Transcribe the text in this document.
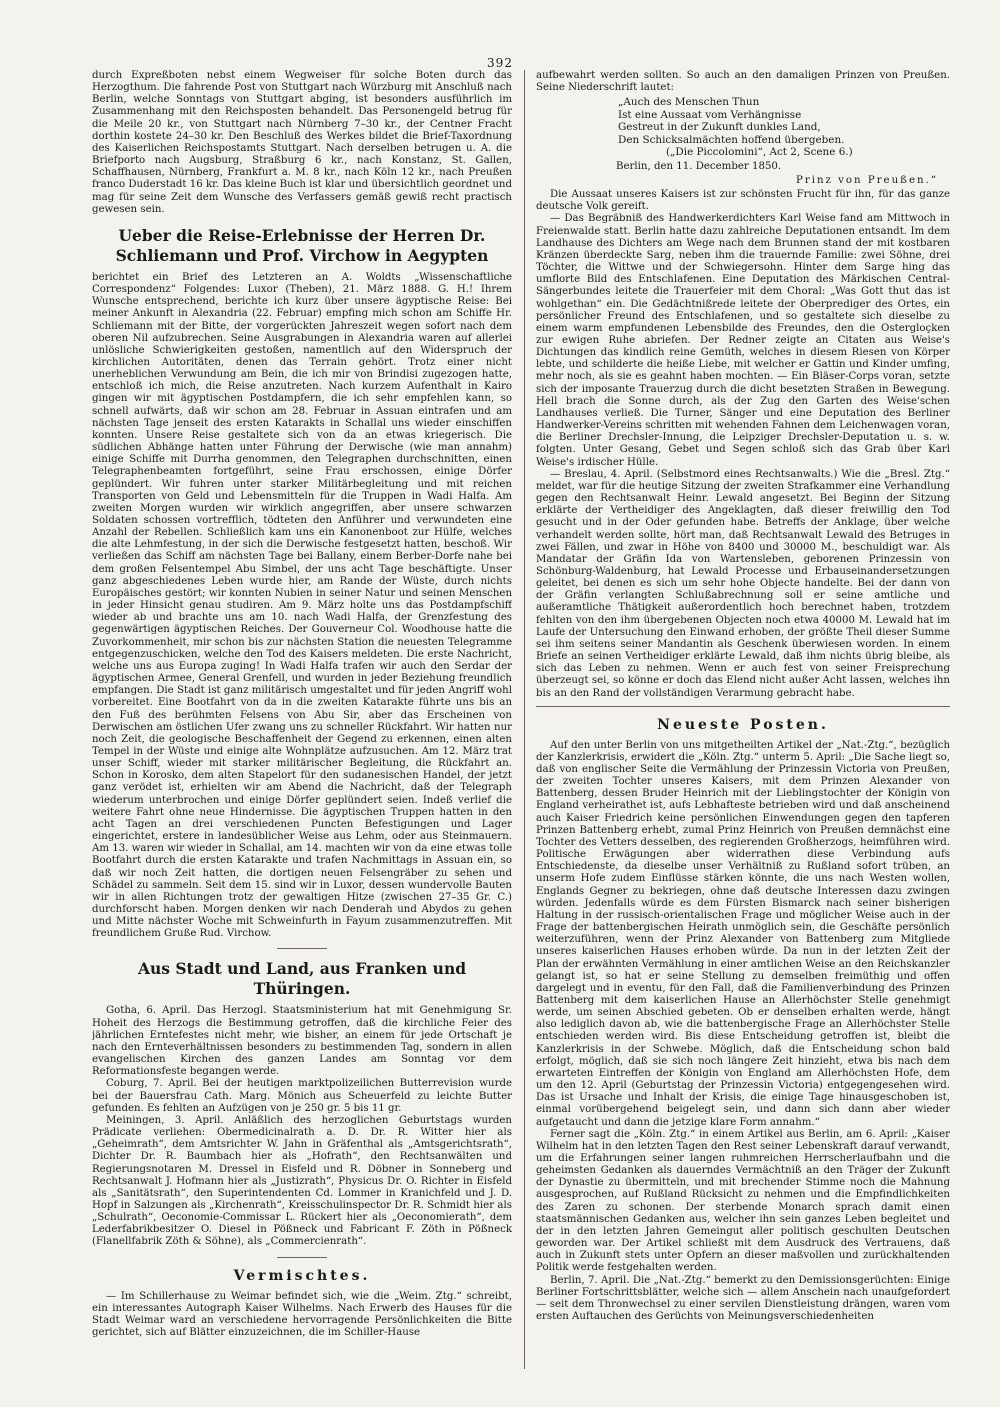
392

durch Expreßboten nebst einem Wegweiser für solche Boten durch das Herzogthum. Die fahrende Post von Stuttgart nach Würzburg mit Anschluß nach Berlin, welche Sonntags von Stuttgart abging, ist besonders ausführlich im Zusammenhang mit den Reichsposten behandelt. Das Personengeld betrug für die Meile 20 kr., von Stuttgart nach Nürnberg 7–30 kr., der Centner Fracht dorthin kostete 24–30 kr. Den Beschluß des Werkes bildet die Brief-Taxordnung des Kaiserlichen Reichspostamts Stuttgart. Nach derselben betrugen u. A. die Briefporto nach Augsburg, Straßburg 6 kr., nach Konstanz, St. Gallen, Schaffhausen, Nürnberg, Frankfurt a. M. 8 kr., nach Köln 12 kr., nach Preußen franco Duderstadt 16 kr. Das kleine Buch ist klar und übersichtlich geordnet und mag für seine Zeit dem Wunsche des Verfassers gemäß gewiß recht practisch gewesen sein.

Ueber die Reise-Erlebnisse der Herren Dr. Schliemann und Prof. Virchow in Aegypten

berichtet ein Brief des Letzteren an A. Woldts „Wissenschaftliche Correspondenz“ Folgendes: Luxor (Theben), 21. März 1888. G. H.! Ihrem Wunsche entsprechend, berichte ich kurz über unsere ägyptische Reise: Bei meiner Ankunft in Alexandria (22. Februar) empfing mich schon am Schiffe Hr. Schliemann mit der Bitte, der vorgerückten Jahreszeit wegen sofort nach dem oberen Nil aufzubrechen. Seine Ausgrabungen in Alexandria waren auf allerlei unlösliche Schwierigkeiten gestoßen, namentlich auf den Widerspruch der kirchlichen Autoritäten, denen das Terrain gehört. Trotz einer nicht unerheblichen Verwundung am Bein, die ich mir von Brindisi zugezogen hatte, entschloß ich mich, die Reise anzutreten. Nach kurzem Aufenthalt in Kairo gingen wir mit ägyptischen Postdampfern, die ich sehr empfehlen kann, so schnell aufwärts, daß wir schon am 28. Februar in Assuan eintrafen und am nächsten Tage jenseit des ersten Katarakts in Schallal uns wieder einschiffen konnten. Unsere Reise gestaltete sich von da an etwas kriegerisch. Die südlichen Abhänge hatten unter Führung der Derwische (wie man annahm) einige Schiffe mit Durrha genommen, den Telegraphen durchschnitten, einen Telegraphenbeamten fortgeführt, seine Frau erschossen, einige Dörfer geplündert. Wir fuhren unter starker Militärbegleitung und mit reichen Transporten von Geld und Lebensmitteln für die Truppen in Wadi Halfa. Am zweiten Morgen wurden wir wirklich angegriffen, aber unsere schwarzen Soldaten schossen vortrefflich, tödteten den Anführer und verwundeten eine Anzahl der Rebellen. Schließlich kam uns ein Kanonenboot zur Hülfe, welches die alte Lehmfestung, in der sich die Derwische festgesetzt hatten, beschoß. Wir verließen das Schiff am nächsten Tage bei Ballany, einem Berber-Dorfe nahe bei dem großen Felsentempel Abu Simbel, der uns acht Tage beschäftigte. Unser ganz abgeschiedenes Leben wurde hier, am Rande der Wüste, durch nichts Europäisches gestört; wir konnten Nubien in seiner Natur und seinen Menschen in jeder Hinsicht genau studiren. Am 9. März holte uns das Postdampfschiff wieder ab und brachte uns am 10. nach Wadi Halfa, der Grenzfestung des gegenwärtigen ägyptischen Reiches. Der Gouverneur Col. Woodhouse hatte die Zuvorkommenheit, mir schon bis zur nächsten Station die neuesten Telegramme entgegenzuschicken, welche den Tod des Kaisers meldeten. Die erste Nachricht, welche uns aus Europa zuging! In Wadi Halfa trafen wir auch den Serdar der ägyptischen Armee, General Grenfell, und wurden in jeder Beziehung freundlich empfangen. Die Stadt ist ganz militärisch umgestaltet und für jeden Angriff wohl vorbereitet. Eine Bootfahrt von da in die zweiten Katarakte führte uns bis an den Fuß des berühmten Felsens von Abu Sir, aber das Erscheinen von Derwischen am östlichen Ufer zwang uns zu schneller Rückfahrt. Wir hatten nur noch Zeit, die geologische Beschaffenheit der Gegend zu erkennen, einen alten Tempel in der Wüste und einige alte Wohnplätze aufzusuchen. Am 12. März trat unser Schiff, wieder mit starker militärischer Begleitung, die Rückfahrt an. Schon in Korosko, dem alten Stapelort für den sudanesischen Handel, der jetzt ganz verödet ist, erhielten wir am Abend die Nachricht, daß der Telegraph wiederum unterbrochen und einige Dörfer geplündert seien. Indeß verlief die weitere Fahrt ohne neue Hindernisse. Die ägyptischen Truppen hatten in den acht Tagen an drei verschiedenen Puncten Befestigungen und Lager eingerichtet, erstere in landesüblicher Weise aus Lehm, oder aus Steinmauern. Am 13. waren wir wieder in Schallal, am 14. machten wir von da eine etwas tolle Bootfahrt durch die ersten Katarakte und trafen Nachmittags in Assuan ein, so daß wir noch Zeit hatten, die dortigen neuen Felsengräber zu sehen und Schädel zu sammeln. Seit dem 15. sind wir in Luxor, dessen wundervolle Bauten wir in allen Richtungen trotz der gewaltigen Hitze (zwischen 27–35 Gr. C.) durchforscht haben. Morgen denken wir nach Denderah und Abydos zu gehen und Mitte nächster Woche mit Schweinfurth in Fayum zusammenzutreffen. Mit freundlichem Gruße Rud. Virchow.

Aus Stadt und Land, aus Franken und Thüringen.

Gotha, 6. April. Das Herzogl. Staatsministerium hat mit Genehmigung Sr. Hoheit des Herzogs die Bestimmung getroffen, daß die kirchliche Feier des jährlichen Erntefestes nicht mehr, wie bisher, an einem für jede Ortschaft je nach den Ernteverhältnissen besonders zu bestimmenden Tag, sondern in allen evangelischen Kirchen des ganzen Landes am Sonntag vor dem Reformationsfeste begangen werde.

Coburg, 7. April. Bei der heutigen marktpolizeilichen Butterrevision wurde bei der Bauersfrau Cath. Marg. Mönich aus Scheuerfeld zu leichte Butter gefunden. Es fehlten an Aufzügen von je 250 gr. 5 bis 11 gr.

Meiningen, 3. April. Anläßlich des herzoglichen Geburtstags wurden Prädicate verliehen: Obermedicinalrath a. D. Dr. R. Witter hier als „Geheimrath“, dem Amtsrichter W. Jahn in Gräfenthal als „Amtsgerichtsrath“, Dichter Dr. R. Baumbach hier als „Hofrath“, den Rechtsanwälten und Regierungsnotaren M. Dressel in Eisfeld und R. Döbner in Sonneberg und Rechtsanwalt J. Hofmann hier als „Justizrath“, Physicus Dr. O. Richter in Eisfeld als „Sanitätsrath“, den Superintendenten Cd. Lommer in Kranichfeld und J. D. Hopf in Salzungen als „Kirchenrath“, Kreisschulinspector Dr. R. Schmidt hier als „Schulrath“, Oeconomie-Commissar L. Rückert hier als „Oeconomierath“, dem Lederfabrikbesitzer O. Diesel in Pößneck und Fabricant F. Zöth in Pößneck (Flanellfabrik Zöth & Söhne), als „Commercienrath“.

Vermischtes.

— Im Schillerhause zu Weimar befindet sich, wie die „Weim. Ztg.“ schreibt, ein interessantes Autograph Kaiser Wilhelms. Nach Erwerb des Hauses für die Stadt Weimar ward an verschiedene hervorragende Persönlichkeiten die Bitte gerichtet, sich auf Blätter einzuzeichnen, die im Schiller-Hause

aufbewahrt werden sollten. So auch an den damaligen Prinzen von Preußen. Seine Niederschrift lautet:

„Auch des Menschen Thun
Ist eine Aussaat vom Verhängnisse
Gestreut in der Zukunft dunkles Land,
Den Schicksalmächten hoffend übergeben.
(„Die Piccolomini“, Act 2, Scene 6.)

Berlin, den 11. December 1850.

Prinz von Preußen.“

Die Aussaat unseres Kaisers ist zur schönsten Frucht für ihn, für das ganze deutsche Volk gereift.

— Das Begräbniß des Handwerkerdichters Karl Weise fand am Mittwoch in Freienwalde statt. Berlin hatte dazu zahlreiche Deputationen entsandt. Im dem Landhause des Dichters am Wege nach dem Brunnen stand der mit kostbaren Kränzen überdeckte Sarg, neben ihm die trauernde Familie: zwei Söhne, drei Töchter, die Wittwe und der Schwiegersohn. Hinter dem Sarge hing das umflorte Bild des Entschlafenen. Eine Deputation des Märkischen Central-Sängerbundes leitete die Trauerfeier mit dem Choral: „Was Gott thut das ist wohlgethan“ ein. Die Gedächtnißrede leitete der Oberprediger des Ortes, ein persönlicher Freund des Entschlafenen, und so gestaltete sich dieselbe zu einem warm empfundenen Lebensbilde des Freundes, den die Ostergloçken zur ewigen Ruhe abriefen. Der Redner zeigte an Citaten aus Weise's Dichtungen das kindlich reine Gemüth, welches in diesem Riesen von Körper lebte, und schilderte die heiße Liebe, mit welcher er Gattin und Kinder umfing, mehr noch, als sie es geahnt haben mochten. — Ein Bläser-Corps voran, setzte sich der imposante Trauerzug durch die dicht besetzten Straßen in Bewegung. Hell brach die Sonne durch, als der Zug den Garten des Weise'schen Landhauses verließ. Die Turner, Sänger und eine Deputation des Berliner Handwerker-Vereins schritten mit wehenden Fahnen dem Leichenwagen voran, die Berliner Drechsler-Innung, die Leipziger Drechsler-Deputation u. s. w. folgten. Unter Gesang, Gebet und Segen schloß sich das Grab über Karl Weise's irdischer Hülle.

— Breslau, 4. April. (Selbstmord eines Rechtsanwalts.) Wie die „Bresl. Ztg.“ meldet, war für die heutige Sitzung der zweiten Strafkammer eine Verhandlung gegen den Rechtsanwalt Heinr. Lewald angesetzt. Bei Beginn der Sitzung erklärte der Vertheidiger des Angeklagten, daß dieser freiwillig den Tod gesucht und in der Oder gefunden habe. Betreffs der Anklage, über welche verhandelt werden sollte, hört man, daß Rechtsanwalt Lewald des Betruges in zwei Fällen, und zwar in Höhe von 8400 und 30000 M., beschuldigt war. Als Mandatar der Gräfin Ida von Wartensleben, geborenen Prinzessin von Schönburg-Waldenburg, hat Lewald Processe und Erbauseinandersetzungen geleitet, bei denen es sich um sehr hohe Objecte handelte. Bei der dann von der Gräfin verlangten Schlußabrechnung soll er seine amtliche und außeramtliche Thätigkeit außerordentlich hoch berechnet haben, trotzdem fehlten von den ihm übergebenen Objecten noch etwa 40000 M. Lewald hat im Laufe der Untersuchung den Einwand erhoben, der größte Theil dieser Summe sei ihm seitens seiner Mandantin als Geschenk überwiesen worden. In einem Briefe an seinen Vertheidiger erklärte Lewald, daß ihm nichts übrig bleibe, als sich das Leben zu nehmen. Wenn er auch fest von seiner Freisprechung überzeugt sei, so könne er doch das Elend nicht außer Acht lassen, welches ihn bis an den Rand der vollständigen Verarmung gebracht habe.

Neueste Posten.

Auf den unter Berlin von uns mitgetheilten Artikel der „Nat.-Ztg.“, bezüglich der Kanzlerkrisis, erwidert die „Köln. Ztg.“ unterm 5. April: „Die Sache liegt so, daß von englischer Seite die Vermählung der Prinzessin Victoria von Preußen, der zweiten Tochter unseres Kaisers, mit dem Prinzen Alexander von Battenberg, dessen Bruder Heinrich mit der Lieblingstochter der Königin von England verheirathet ist, aufs Lebhafteste betrieben wird und daß anscheinend auch Kaiser Friedrich keine persönlichen Einwendungen gegen den tapferen Prinzen Battenberg erhebt, zumal Prinz Heinrich von Preußen demnächst eine Tochter des Vetters desselben, des regierenden Großherzogs, heimführen wird. Politische Erwägungen aber widerrathen diese Verbindung aufs Entschiedenste, da dieselbe unser Verhältniß zu Rußland sofort trüben, an unserm Hofe zudem Einflüsse stärken könnte, die uns nach Westen wollen, Englands Gegner zu bekriegen, ohne daß deutsche Interessen dazu zwingen würden. Jedenfalls würde es dem Fürsten Bismarck nach seiner bisherigen Haltung in der russisch-orientalischen Frage und möglicher Weise auch in der Frage der battenbergischen Heirath unmöglich sein, die Geschäfte persönlich weiterzuführen, wenn der Prinz Alexander von Battenberg zum Mitgliede unseres kaiserlichen Hauses erhoben würde. Da nun in der letzten Zeit der Plan der erwähnten Vermählung in einer amtlichen Weise an den Reichskanzler gelangt ist, so hat er seine Stellung zu demselben freimüthig und offen dargelegt und in eventu, für den Fall, daß die Familienverbindung des Prinzen Battenberg mit dem kaiserlichen Hause an Allerhöchster Stelle genehmigt werde, um seinen Abschied gebeten. Ob er denselben erhalten werde, hängt also lediglich davon ab, wie die battenbergische Frage an Allerhöchster Stelle entschieden werden wird. Bis diese Entscheidung getroffen ist, bleibt die Kanzlerkrisis in der Schwebe. Möglich, daß die Entscheidung schon bald erfolgt, möglich, daß sie sich noch längere Zeit hinzieht, etwa bis nach dem erwarteten Eintreffen der Königin von England am Allerhöchsten Hofe, dem um den 12. April (Geburtstag der Prinzessin Victoria) entgegengesehen wird. Das ist Ursache und Inhalt der Krisis, die einige Tage hinausgeschoben ist, einmal vorübergehend beigelegt sein, und dann sich dann aber wieder aufgetaucht und dann die jetzige klare Form annahm.“

Ferner sagt die „Köln. Ztg.“ in einem Artikel aus Berlin, am 6. April: „Kaiser Wilhelm hat in den letzten Tagen den Rest seiner Lebenskraft darauf verwandt, um die Erfahrungen seiner langen ruhmreichen Herrscherlaufbahn und die geheimsten Gedanken als dauerndes Vermächtniß an den Träger der Zukunft der Dynastie zu übermitteln, und mit brechender Stimme noch die Mahnung ausgesprochen, auf Rußland Rücksicht zu nehmen und die Empfindlichkeiten des Zaren zu schonen. Der sterbende Monarch sprach damit einen staatsmännischen Gedanken aus, welcher ihn sein ganzes Leben begleitet und der in den letzten Jahren Gemeingut aller politisch geschulten Deutschen geworden war. Der Artikel schließt mit dem Ausdruck des Vertrauens, daß auch in Zukunft stets unter Opfern an dieser maßvollen und zurückhaltenden Politik werde festgehalten werden.

Berlin, 7. April. Die „Nat.-Ztg.“ bemerkt zu den Demissionsgerüchten: Einige Berliner Fortschrittsblätter, welche sich — allem Anschein nach unaufgefordert — seit dem Thronwechsel zu einer servilen Dienstleistung drängen, waren vom ersten Auftauchen des Gerüchts von Meinungsverschiedenheiten
